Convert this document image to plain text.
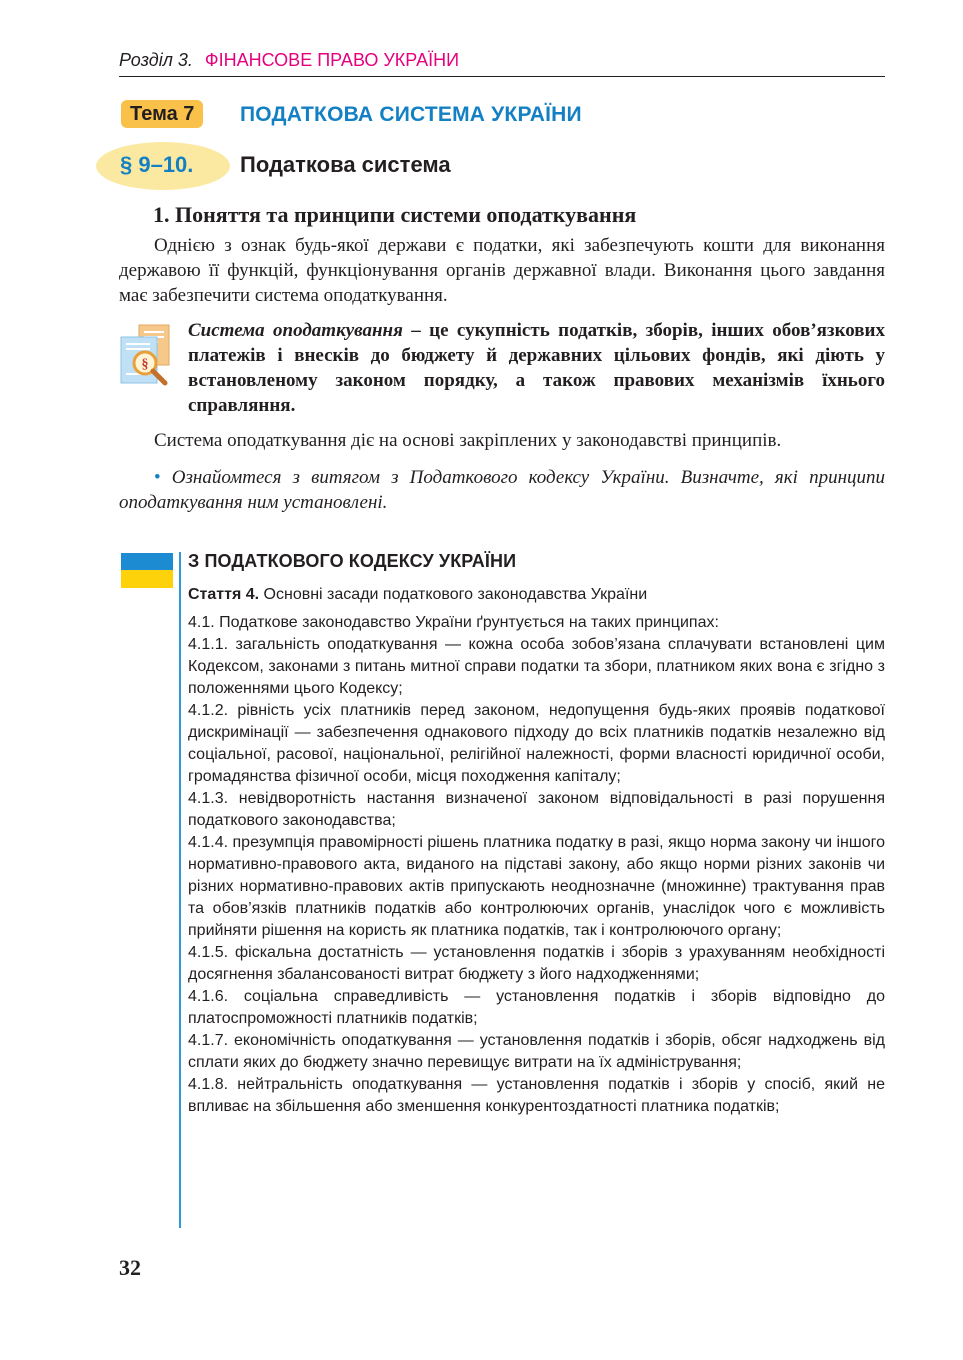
Розділ 3. ФІНАНСОВЕ ПРАВО УКРАЇНИ
Тема 7	ПОДАТКОВА СИСТЕМА УКРАЇНИ
§ 9–10. Податкова система
1. Поняття та принципи системи оподаткування

Однією з ознак будь-якої держави є податки, які забезпечують кошти для виконання державою її функцій, функціонування органів державної влади. Виконання цього завдання має забезпечити система оподаткування.

§

Система оподаткування – це сукупність податків, зборів, інших обов’язкових платежів і внесків до бюджету й державних цільових фондів, які діють у встановленому законом порядку, а також правових механізмів їхнього справляння.

Система оподаткування діє на основі закріплених у законодавстві принципів.

• Ознайомтеся з витягом з Податкового кодексу України. Визначте, які принципи оподаткування ним установлені.

З ПОДАТКОВОГО КОДЕКСУ УКРАЇНИ
Стаття 4. Основні засади податкового законодавства України

4.1. Податкове законодавство України ґрунтується на таких принципах:

4.1.1. загальність оподаткування — кожна особа зобов’язана сплачувати встановлені цим Кодексом, законами з питань митної справи податки та збори, платником яких вона є згідно з положеннями цього Кодексу;

4.1.2. рівність усіх платників перед законом, недопущення будь-яких проявів податкової дискримінації — забезпечення однакового підходу до всіх платників податків незалежно від соціальної, расової, національної, релігійної належності, форми власності юридичної особи, громадянства фізичної особи, місця походження капіталу;

4.1.3. невідворотність настання визначеної законом відповідальності в разі порушення податкового законодавства;

4.1.4. презумпція правомірності рішень платника податку в разі, якщо норма закону чи іншого нормативно-правового акта, виданого на підставі закону, або якщо норми різних законів чи різних нормативно-правових актів припускають неоднозначне (множинне) трактування прав та обов’язків платників податків або контролюючих органів, унаслідок чого є можливість прийняти рішення на користь як платника податків, так і контролюючого органу;

4.1.5. фіскальна достатність — установлення податків і зборів з урахуванням необхідності досягнення збалансованості витрат бюджету з його надходженнями;

4.1.6. соціальна справедливість — установлення податків і зборів відповідно до платоспроможності платників податків;

4.1.7. економічність оподаткування — установлення податків і зборів, обсяг надходжень від сплати яких до бюджету значно перевищує витрати на їх адміністрування;

4.1.8. нейтральність оподаткування — установлення податків і зборів у спосіб, який не впливає на збільшення або зменшення конкурентоздатності платника податків;

32
